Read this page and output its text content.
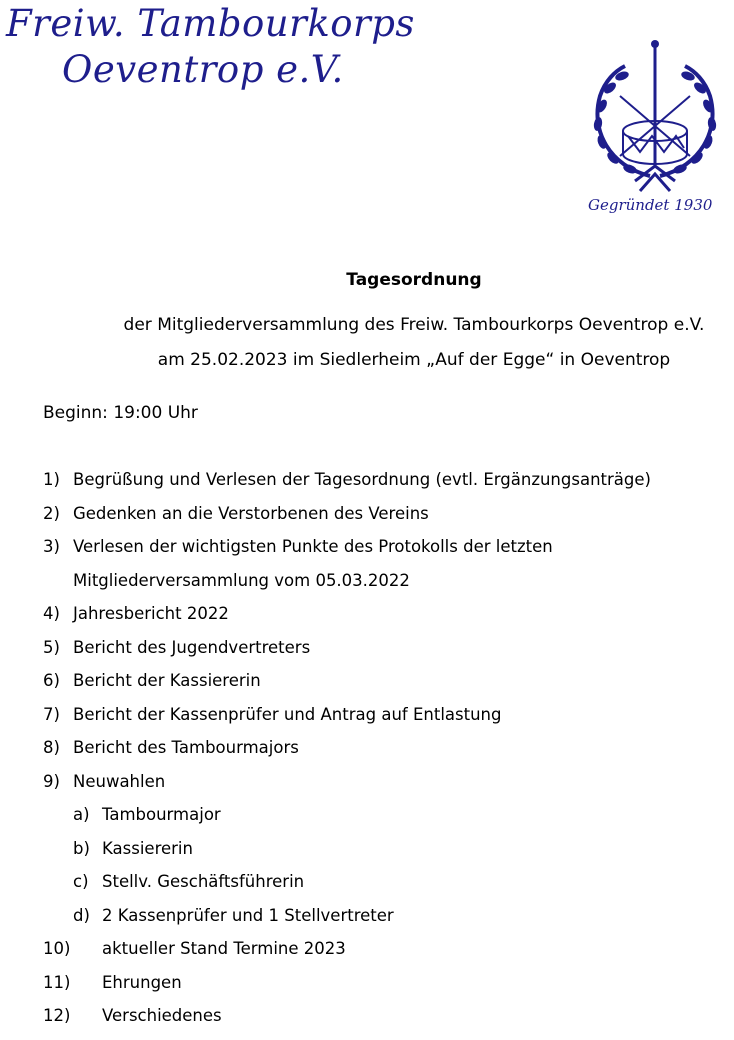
Freiw. Tambourkorps
Oeventrop e.V.
Gegründet 1930
Tagesordnung
der Mitgliederversammlung des Freiw. Tambourkorps Oeventrop e.V.
am 25.02.2023 im Siedlerheim „Auf der Egge“ in Oeventrop
Beginn: 19:00 Uhr
1) Begrüßung und Verlesen der Tagesordnung (evtl. Ergänzungsanträge)
2) Gedenken an die Verstorbenen des Vereins
3) Verlesen der wichtigsten Punkte des Protokolls der letzten
Mitgliederversammlung vom 05.03.2022
4) Jahresbericht 2022
5) Bericht des Jugendvertreters
6) Bericht der Kassiererin
7) Bericht der Kassenprüfer und Antrag auf Entlastung
8) Bericht des Tambourmajors
9) Neuwahlen
a) Tambourmajor
b) Kassiererin
c) Stellv. Geschäftsführerin
d) 2 Kassenprüfer und 1 Stellvertreter
10) aktueller Stand Termine 2023
11) Ehrungen
12) Verschiedenes
